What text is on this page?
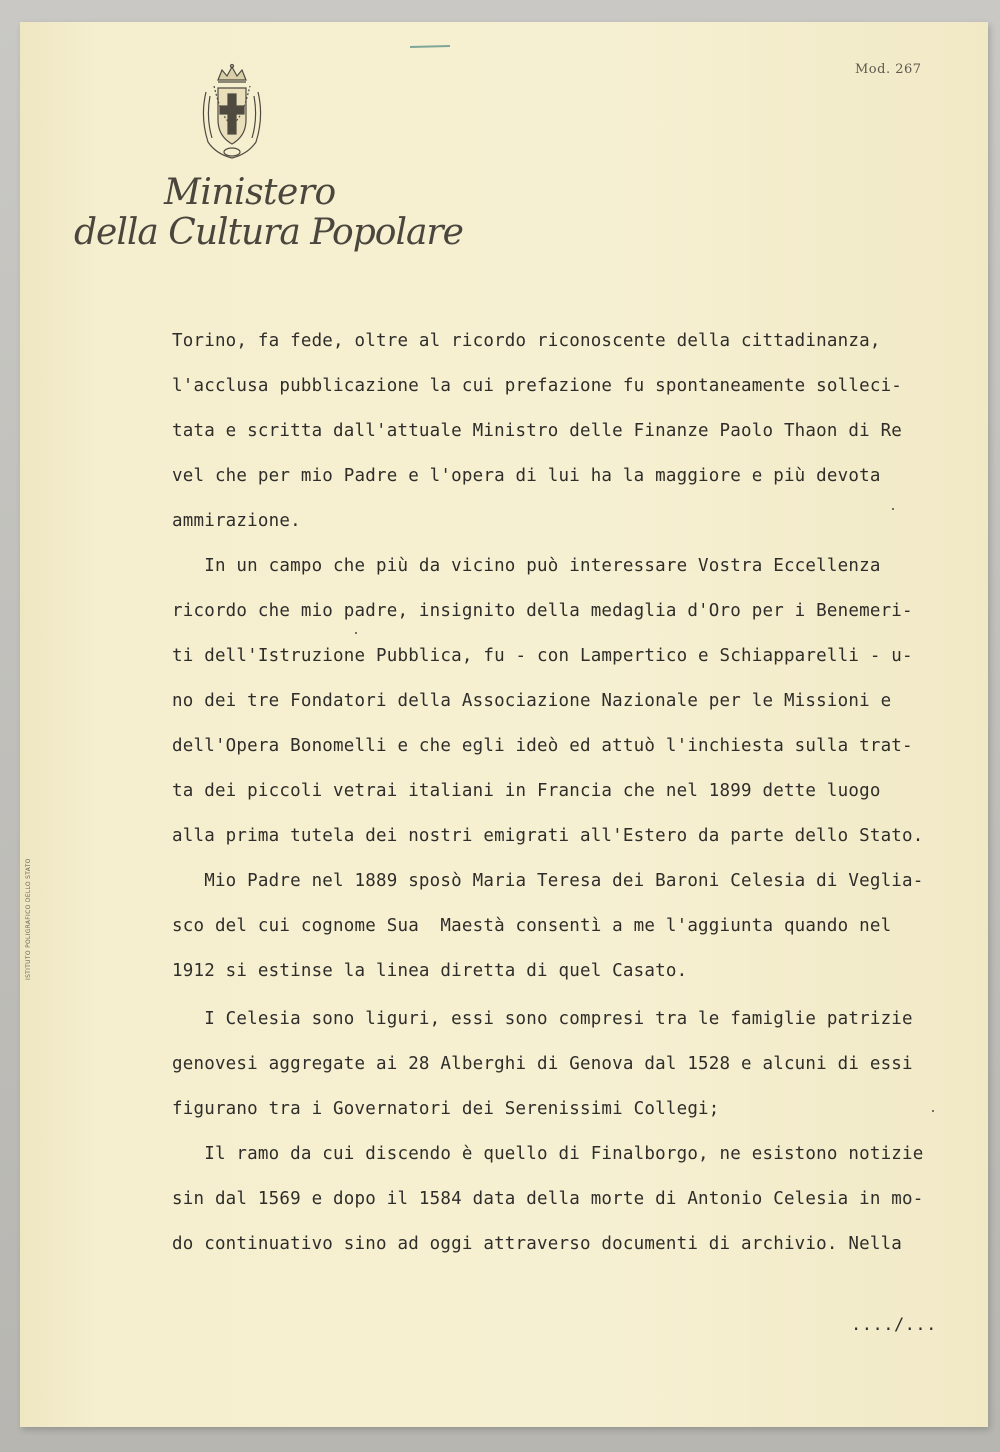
Mod. 267
Ministero
della Cultura Popolare
ISTITUTO POLIGRAFICO DELLO STATO
Torino, fa fede, oltre al ricordo riconoscente della cittadinanza,
l'acclusa pubblicazione la cui prefazione fu spontaneamente solleci-
tata e scritta dall'attuale Ministro delle Finanze Paolo Thaon di Re
vel che per mio Padre e l'opera di lui ha la maggiore e più devota
ammirazione.
In un campo che più da vicino può interessare Vostra Eccellenza
ricordo che mio padre, insignito della medaglia d'Oro per i Benemeri-
ti dell'Istruzione Pubblica, fu - con Lampertico e Schiapparelli - u-
no dei tre Fondatori della Associazione Nazionale per le Missioni e
dell'Opera Bonomelli e che egli ideò ed attuò l'inchiesta sulla trat-
ta dei piccoli vetrai italiani in Francia che nel 1899 dette luogo
alla prima tutela dei nostri emigrati all'Estero da parte dello Stato.
Mio Padre nel 1889 sposò Maria Teresa dei Baroni Celesia di Veglia-
sco del cui cognome Sua  Maestà consentì a me l'aggiunta quando nel
1912 si estinse la linea diretta di quel Casato.
I Celesia sono liguri, essi sono compresi tra le famiglie patrizie
genovesi aggregate ai 28 Alberghi di Genova dal 1528 e alcuni di essi
figurano tra i Governatori dei Serenissimi Collegi;
Il ramo da cui discendo è quello di Finalborgo, ne esistono notizie
sin dal 1569 e dopo il 1584 data della morte di Antonio Celesia in mo-
do continuativo sino ad oggi attraverso documenti di archivio. Nella
..../...
